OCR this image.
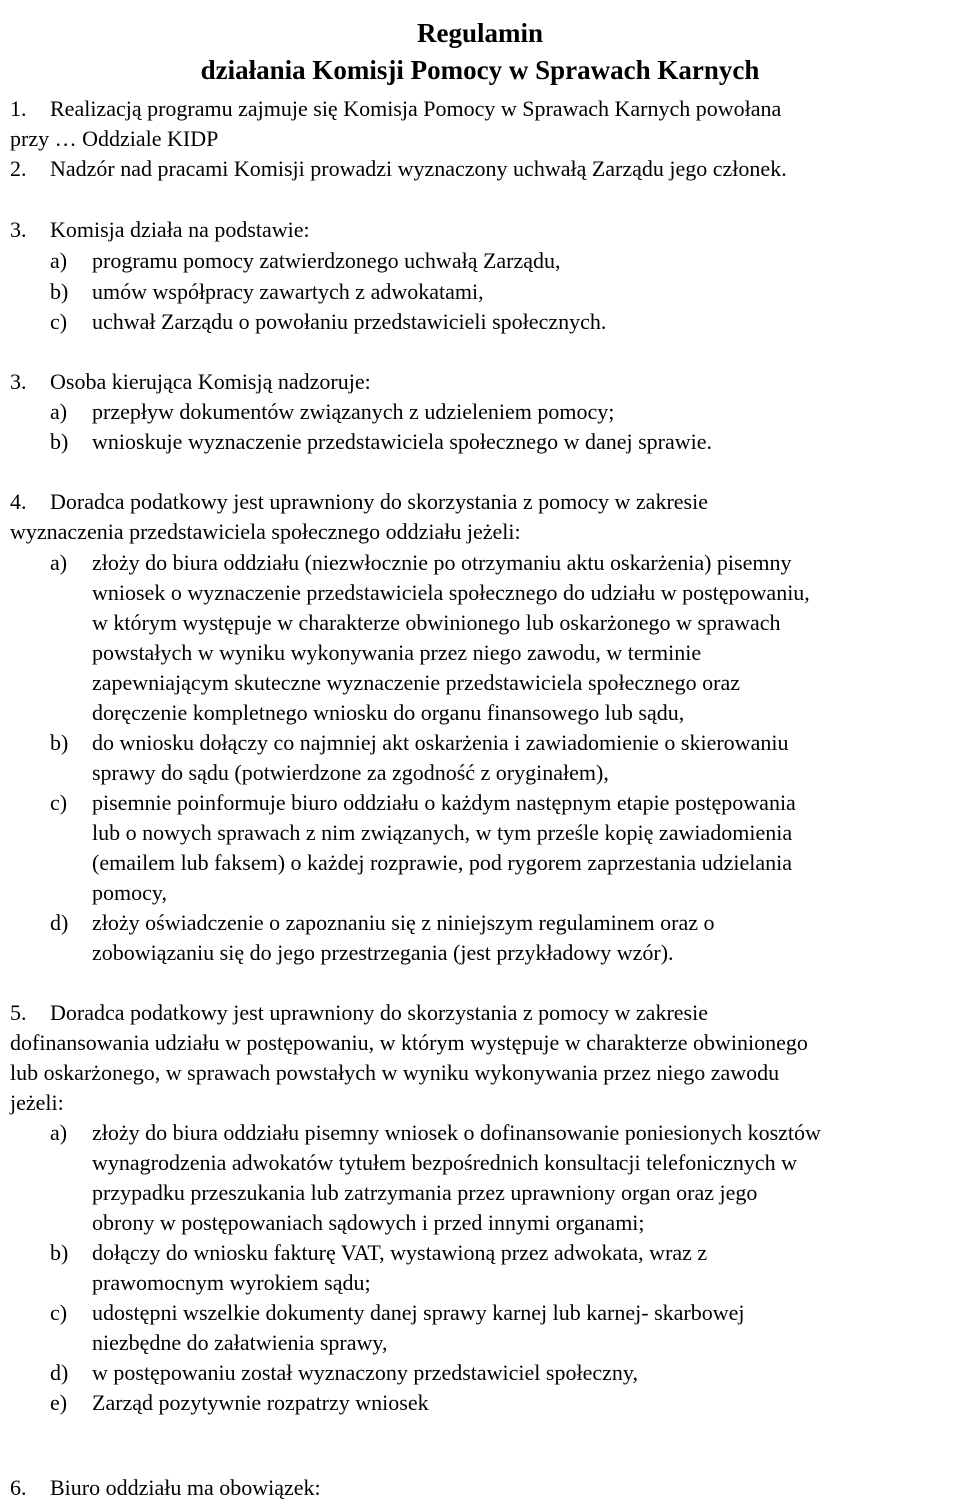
Regulamin
działania Komisji Pomocy w Sprawach Karnych

1. Realizacją programu zajmuje się Komisja Pomocy w Sprawach Karnych powołana

przy … Oddziale KIDP

2. Nadzór nad pracami Komisji prowadzi wyznaczony uchwałą Zarządu jego członek.

3. Komisja działa na podstawie:

a) programu pomocy zatwierdzonego uchwałą Zarządu,

b) umów współpracy zawartych z adwokatami,

c) uchwał Zarządu o powołaniu przedstawicieli społecznych.

3. Osoba kierująca Komisją nadzoruje:

a) przepływ dokumentów związanych z udzieleniem pomocy;

b) wnioskuje wyznaczenie przedstawiciela społecznego w danej sprawie.

4. Doradca podatkowy jest uprawniony do skorzystania z pomocy w zakresie

wyznaczenia przedstawiciela społecznego oddziału jeżeli:

a) złoży do biura oddziału (niezwłocznie po otrzymaniu aktu oskarżenia) pisemny

wniosek o wyznaczenie przedstawiciela społecznego do udziału w postępowaniu,

w którym występuje w charakterze obwinionego lub oskarżonego w sprawach

powstałych w wyniku wykonywania przez niego zawodu, w terminie

zapewniającym skuteczne wyznaczenie przedstawiciela społecznego oraz

doręczenie kompletnego wniosku do organu finansowego lub sądu,

b) do wniosku dołączy co najmniej akt oskarżenia i zawiadomienie o skierowaniu

sprawy do sądu (potwierdzone za zgodność z oryginałem),

c) pisemnie poinformuje biuro oddziału o każdym następnym etapie postępowania

lub o nowych sprawach z nim związanych, w tym prześle kopię zawiadomienia

(emailem lub faksem) o każdej rozprawie, pod rygorem zaprzestania udzielania

pomocy,

d) złoży oświadczenie o zapoznaniu się z niniejszym regulaminem oraz o

zobowiązaniu się do jego przestrzegania (jest przykładowy wzór).

5. Doradca podatkowy jest uprawniony do skorzystania z pomocy w zakresie

dofinansowania udziału w postępowaniu, w którym występuje w charakterze obwinionego

lub oskarżonego, w sprawach powstałych w wyniku wykonywania przez niego zawodu

jeżeli:

a) złoży do biura oddziału pisemny wniosek o dofinansowanie poniesionych kosztów

wynagrodzenia adwokatów tytułem bezpośrednich konsultacji telefonicznych w

przypadku przeszukania lub zatrzymania przez uprawniony organ oraz jego

obrony w postępowaniach sądowych i przed innymi organami;

b) dołączy do wniosku fakturę VAT, wystawioną przez adwokata, wraz z

prawomocnym wyrokiem sądu;

c) udostępni wszelkie dokumenty danej sprawy karnej lub karnej- skarbowej

niezbędne do załatwienia sprawy,

d) w postępowaniu został wyznaczony przedstawiciel społeczny,

e) Zarząd pozytywnie rozpatrzy wniosek

6. Biuro oddziału ma obowiązek:
